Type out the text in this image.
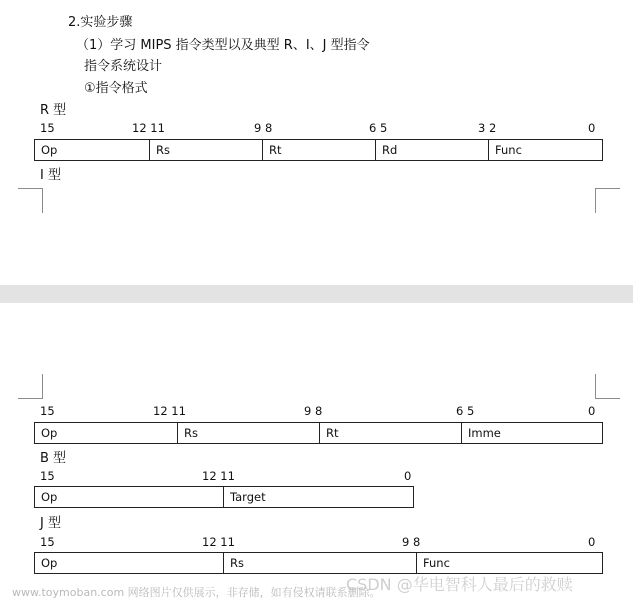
2.实验步骤
（1）学习 MIPS 指令类型以及典型 R、I、J 型指令
指令系统设计
①指令格式
R 型
15	12 11	9 8	6 5	3 2	0
Op	Rs	Rt	Rd	Func
I 型
15	12 11	9 8	6 5	0
Op	Rs	Rt	Imme
B 型
15	12 11	0
Op	Target
J 型
15	12 11	9 8	0
Op	Rs	Func
CSDN @华电智科人最后的救赎
www.toymoban.com 网络图片仅供展示，非存储，如有侵权请联系删除。
